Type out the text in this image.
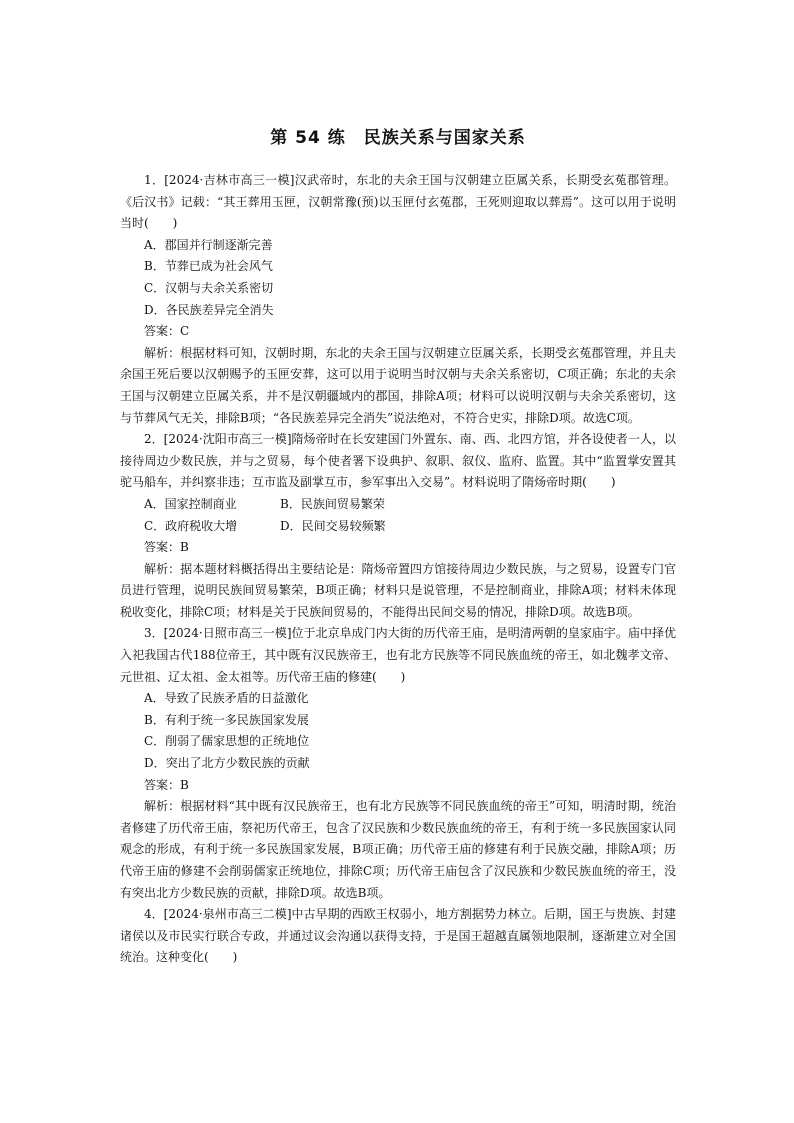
第 54 练　民族关系与国家关系

1．[2024·吉林市高三一模]汉武帝时，东北的夫余王国与汉朝建立臣属关系，长期受玄菟郡管理。《后汉书》记载：“其王葬用玉匣，汉朝常豫(预)以玉匣付玄菟郡，王死则迎取以葬焉”。这可以用于说明当时(　　)

A．郡国并行制逐渐完善

B．节葬已成为社会风气

C．汉朝与夫余关系密切

D．各民族差异完全消失

答案：C

解析：根据材料可知，汉朝时期，东北的夫余王国与汉朝建立臣属关系，长期受玄菟郡管理，并且夫余国王死后要以汉朝赐予的玉匣安葬，这可以用于说明当时汉朝与夫余关系密切，C项正确；东北的夫余王国与汉朝建立臣属关系，并不是汉朝疆域内的郡国，排除A项；材料可以说明汉朝与夫余关系密切，这与节葬风气无关，排除B项；“各民族差异完全消失”说法绝对，不符合史实，排除D项。故选C项。

2．[2024·沈阳市高三一模]隋炀帝时在长安建国门外置东、南、西、北四方馆，并各设使者一人，以接待周边少数民族，并与之贸易，每个使者署下设典护、叙职、叙仪、监府、监置。其中“监置掌安置其驼马船车，并纠察非违；互市监及副掌互市，参军事出入交易”。材料说明了隋炀帝时期(　　)

A．国家控制商业	B．民族间贸易繁荣
C．政府税收大增	D．民间交易较频繁

答案：B

解析：据本题材料概括得出主要结论是：隋炀帝置四方馆接待周边少数民族，与之贸易，设置专门官员进行管理，说明民族间贸易繁荣，B项正确；材料只是说管理，不是控制商业，排除A项；材料未体现税收变化，排除C项；材料是关于民族间贸易的，不能得出民间交易的情况，排除D项。故选B项。

3．[2024·日照市高三一模]位于北京阜成门内大街的历代帝王庙，是明清两朝的皇家庙宇。庙中择优入祀我国古代188位帝王，其中既有汉民族帝王，也有北方民族等不同民族血统的帝王，如北魏孝文帝、元世祖、辽太祖、金太祖等。历代帝王庙的修建(　　)

A．导致了民族矛盾的日益激化

B．有利于统一多民族国家发展

C．削弱了儒家思想的正统地位

D．突出了北方少数民族的贡献

答案：B

解析：根据材料“其中既有汉民族帝王，也有北方民族等不同民族血统的帝王”可知，明清时期，统治者修建了历代帝王庙，祭祀历代帝王，包含了汉民族和少数民族血统的帝王，有利于统一多民族国家认同观念的形成，有利于统一多民族国家发展，B项正确；历代帝王庙的修建有利于民族交融，排除A项；历代帝王庙的修建不会削弱儒家正统地位，排除C项；历代帝王庙包含了汉民族和少数民族血统的帝王，没有突出北方少数民族的贡献，排除D项。故选B项。

4．[2024·泉州市高三二模]中古早期的西欧王权弱小，地方割据势力林立。后期，国王与贵族、封建诸侯以及市民实行联合专政，并通过议会沟通以获得支持，于是国王超越直属领地限制，逐渐建立对全国统治。这种变化(　　)
